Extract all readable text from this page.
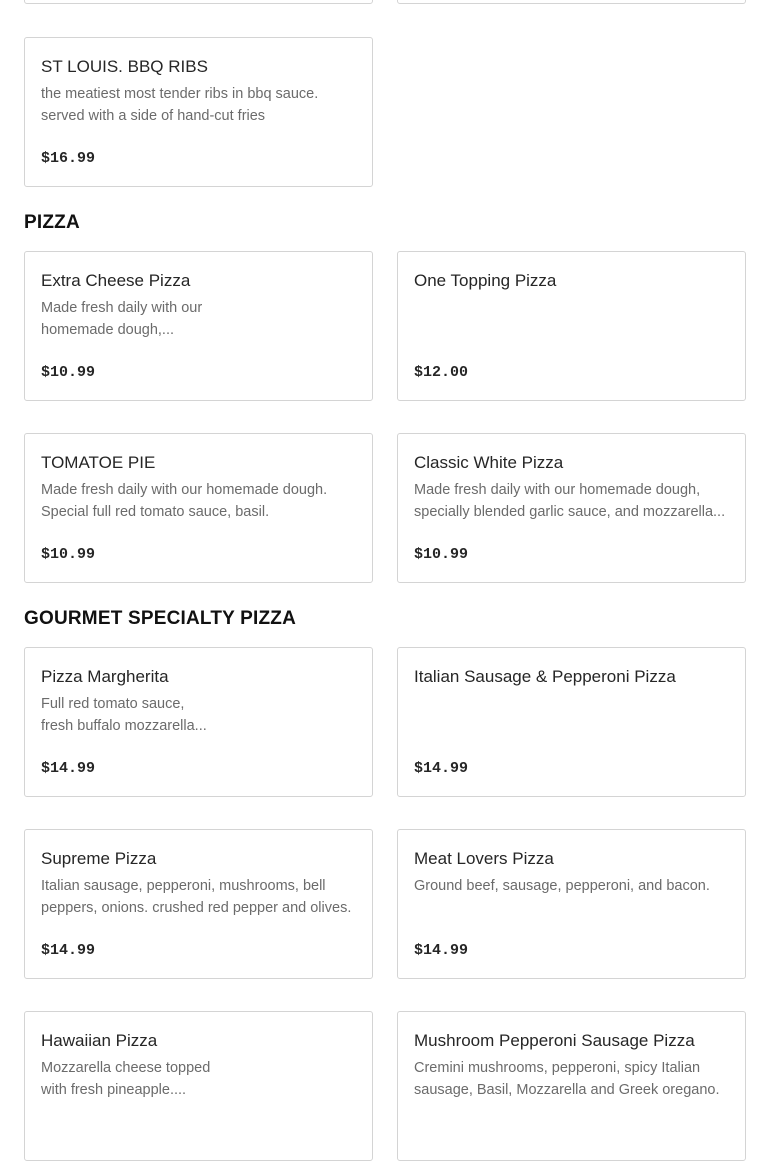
ST LOUIS. BBQ RIBS
the meatiest most tender ribs in bbq sauce.
served with a side of hand-cut fries
$16.99
PIZZA
Extra Cheese Pizza
Made fresh daily with our
homemade dough,...
$10.99
One Topping Pizza
$12.00
TOMATOE PIE
Made fresh daily with our homemade dough.
Special full red tomato sauce, basil.
$10.99
Classic White Pizza
Made fresh daily with our homemade dough,
specially blended garlic sauce, and mozzarella...
$10.99
GOURMET SPECIALTY PIZZA
Pizza Margherita
Full red tomato sauce,
fresh buffalo mozzarella...
$14.99
Italian Sausage & Pepperoni Pizza
$14.99
Supreme Pizza
Italian sausage, pepperoni, mushrooms, bell
peppers, onions. crushed red pepper and olives.
$14.99
Meat Lovers Pizza
Ground beef, sausage, pepperoni, and bacon.
$14.99
Hawaiian Pizza
Mozzarella cheese topped
with fresh pineapple....
Mushroom Pepperoni Sausage Pizza
Cremini mushrooms, pepperoni, spicy Italian
sausage, Basil, Mozzarella and Greek oregano.
